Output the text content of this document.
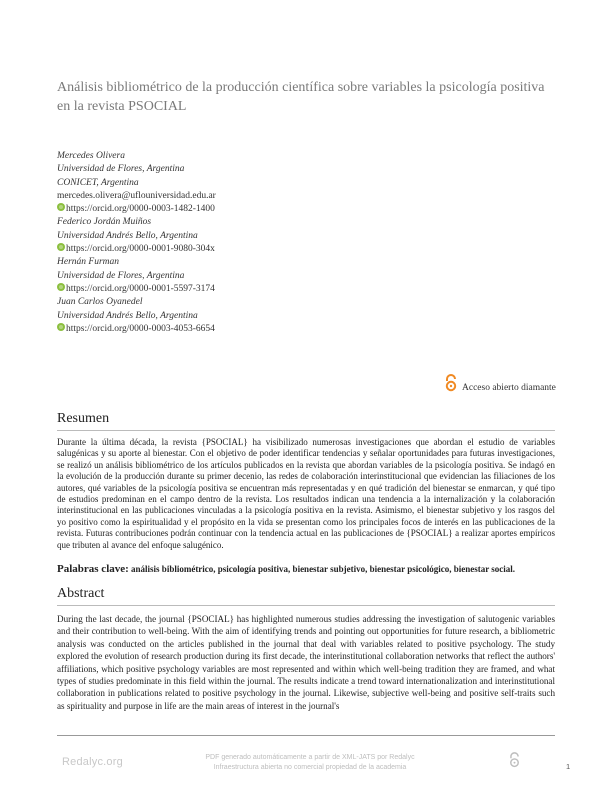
Análisis bibliométrico de la producción científica sobre variables la psicología positiva en la revista PSOCIAL
Mercedes Olivera
Universidad de Flores, Argentina
CONICET, Argentina
mercedes.olivera@uflouniversidad.edu.ar
https://orcid.org/0000-0003-1482-1400
Federico Jordán Muiños
Universidad Andrés Bello, Argentina
https://orcid.org/0000-0001-9080-304x
Hernán Furman
Universidad de Flores, Argentina
https://orcid.org/0000-0001-5597-3174
Juan Carlos Oyanedel
Universidad Andrés Bello, Argentina
https://orcid.org/0000-0003-4053-6654
Acceso abierto diamante
Resumen

Durante la última década, la revista {PSOCIAL} ha visibilizado numerosas investigaciones que abordan el estudio de variables salugénicas y su aporte al bienestar. Con el objetivo de poder identificar tendencias y señalar oportunidades para futuras investigaciones, se realizó un análisis bibliométrico de los artículos publicados en la revista que abordan variables de la psicología positiva. Se indagó en la evolución de la producción durante su primer decenio, las redes de colaboración interinstitucional que evidencian las filiaciones de los autores, qué variables de la psicología positiva se encuentran más representadas y en qué tradición del bienestar se enmarcan, y qué tipo de estudios predominan en el campo dentro de la revista. Los resultados indican una tendencia a la internalización y la colaboración interinstitucional en las publicaciones vinculadas a la psicología positiva en la revista. Asimismo, el bienestar subjetivo y los rasgos del yo positivo como la espiritualidad y el propósito en la vida se presentan como los principales focos de interés en las publicaciones de la revista. Futuras contribuciones podrán continuar con la tendencia actual en las publicaciones de {PSOCIAL} a realizar aportes empíricos que tributen al avance del enfoque salugénico.

Palabras clave: análisis bibliométrico, psicología positiva, bienestar subjetivo, bienestar psicológico, bienestar social.
Abstract

During the last decade, the journal {PSOCIAL} has highlighted numerous studies addressing the investigation of salutogenic variables and their contribution to well-being. With the aim of identifying trends and pointing out opportunities for future research, a bibliometric analysis was conducted on the articles published in the journal that deal with variables related to positive psychology. The study explored the evolution of research production during its first decade, the interinstitutional collaboration networks that reflect the authors' affiliations, which positive psychology variables are most represented and within which well-being tradition they are framed, and what types of studies predominate in this field within the journal. The results indicate a trend toward internationalization and interinstitutional collaboration in publications related to positive psychology in the journal. Likewise, subjective well-being and positive self-traits such as spirituality and purpose in life are the main areas of interest in the journal's

Redalyc.org	PDF generado automáticamente a partir de XML-JATS por Redalyc
Infraestructura abierta no comercial propiedad de la academia	1
